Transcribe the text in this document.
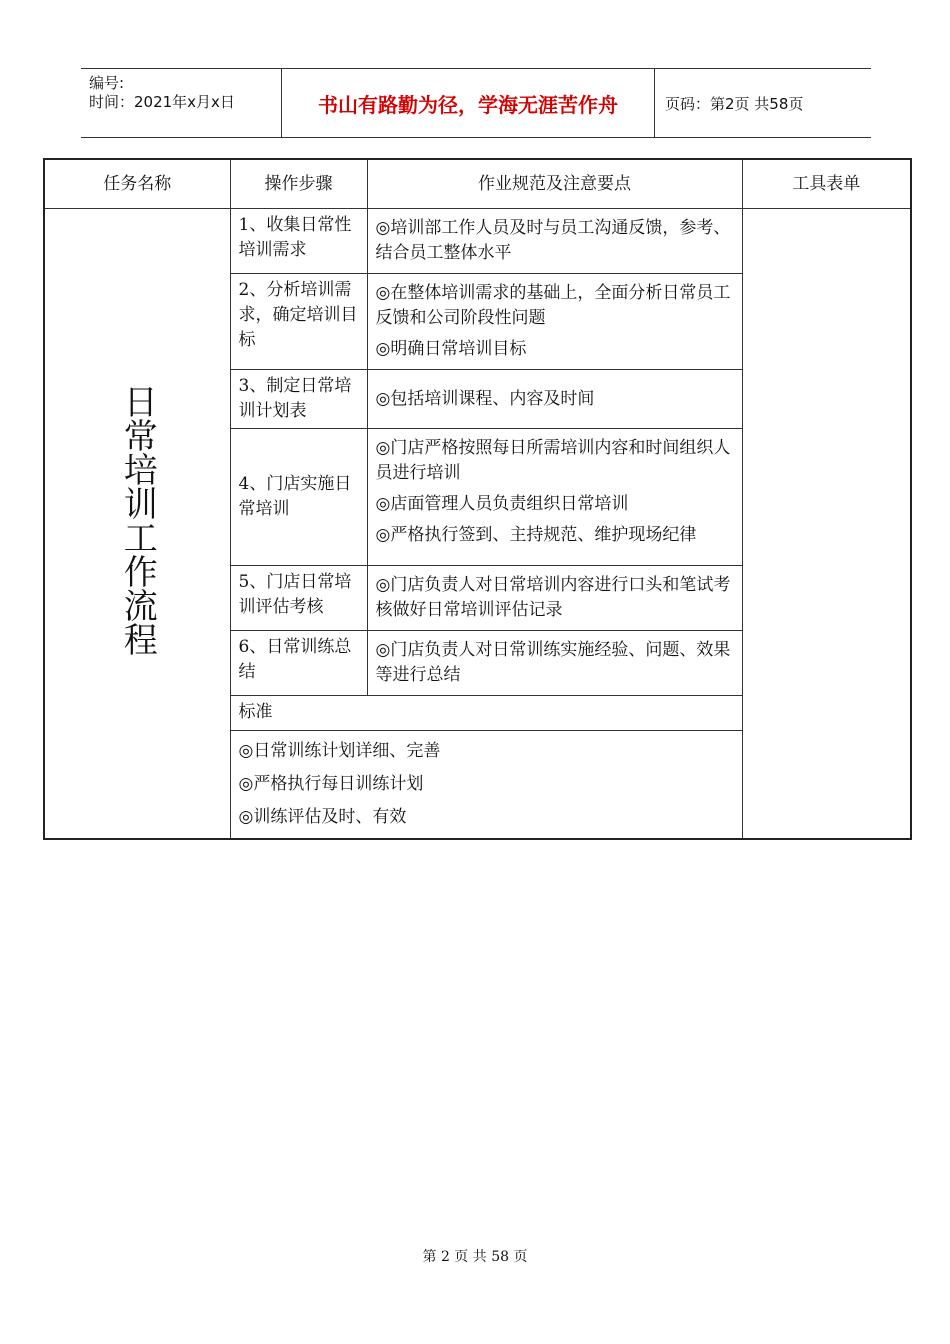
编号:
时间：2021年x月x日	书山有路勤为径，学海无涯苦作舟	页码：第2页 共58页
任务名称	操作步骤	作业规范及注意要点	工具表单
日常培训工作流程	1、收集日常性培训需求	◎培训部工作人员及时与员工沟通反馈，参考、结合员工整体水平	

	2、分析培训需求，确定培训目标	◎在整体培训需求的基础上，全面分析日常员工反馈和公司阶段性问题

◎明确日常培训目标	

	3、制定日常培训计划表	◎包括培训课程、内容及时间	

	4、门店实施日常培训	◎门店严格按照每日所需培训内容和时间组织人员进行培训

◎店面管理人员负责组织日常培训

◎严格执行签到、主持规范、维护现场纪律	

	5、门店日常培训评估考核	◎门店负责人对日常培训内容进行口头和笔试考核做好日常培训评估记录	

	6、日常训练总结	◎门店负责人对日常训练实施经验、问题、效果等进行总结	

	标准		

	◎日常训练计划详细、完善

◎严格执行每日训练计划

◎训练评估及时、有效		

第 2 页 共 58 页
